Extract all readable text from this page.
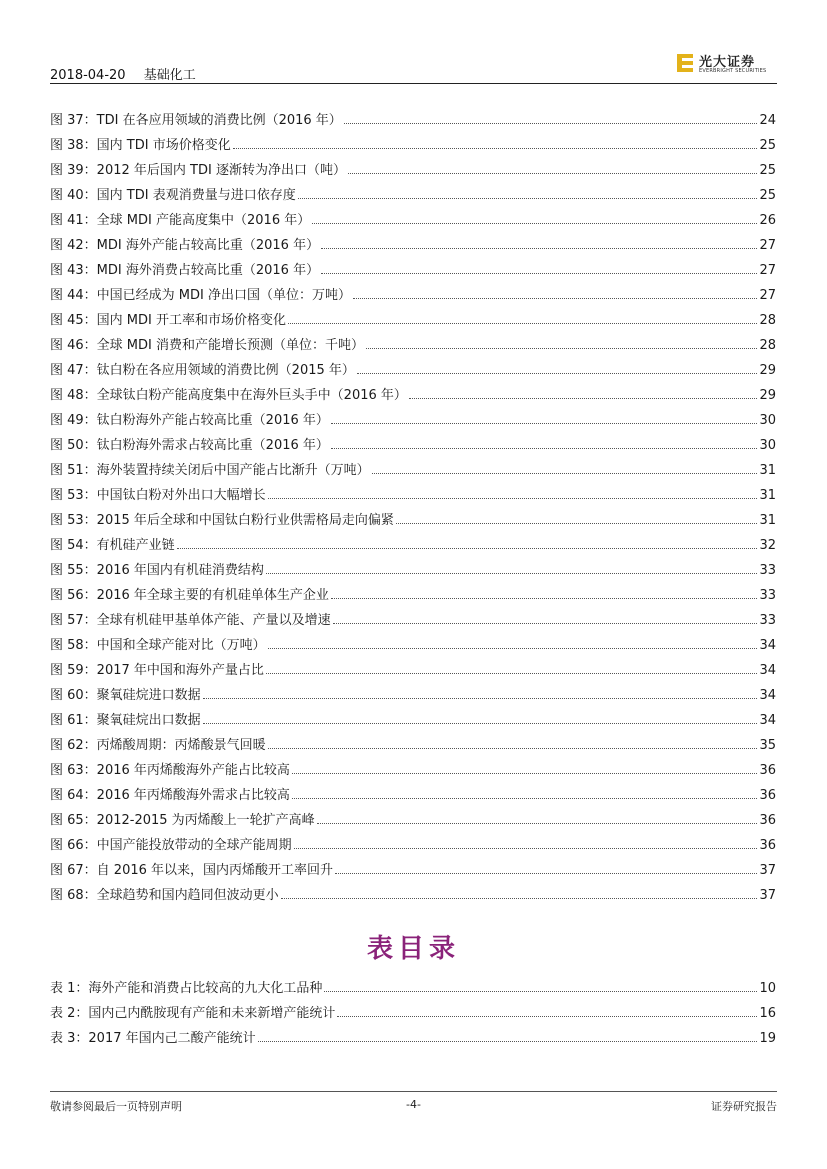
2018-04-20 基础化工
光大证券
EVERBRIGHT SECURITIES
图 37：TDI 在各应用领域的消费比例（2016 年）	24
图 38：国内 TDI 市场价格变化	25
图 39：2012 年后国内 TDI 逐渐转为净出口（吨）	25
图 40：国内 TDI 表观消费量与进口依存度	25
图 41：全球 MDI 产能高度集中（2016 年）	26
图 42：MDI 海外产能占较高比重（2016 年）	27
图 43：MDI 海外消费占较高比重（2016 年）	27
图 44：中国已经成为 MDI 净出口国（单位：万吨）	27
图 45：国内 MDI 开工率和市场价格变化	28
图 46：全球 MDI 消费和产能增长预测（单位：千吨）	28
图 47：钛白粉在各应用领域的消费比例（2015 年）	29
图 48：全球钛白粉产能高度集中在海外巨头手中（2016 年）	29
图 49：钛白粉海外产能占较高比重（2016 年）	30
图 50：钛白粉海外需求占较高比重（2016 年）	30
图 51：海外装置持续关闭后中国产能占比渐升（万吨）	31
图 53：中国钛白粉对外出口大幅增长	31
图 53：2015 年后全球和中国钛白粉行业供需格局走向偏紧	31
图 54：有机硅产业链	32
图 55：2016 年国内有机硅消费结构	33
图 56：2016 年全球主要的有机硅单体生产企业	33
图 57：全球有机硅甲基单体产能、产量以及增速	33
图 58：中国和全球产能对比（万吨）	34
图 59：2017 年中国和海外产量占比	34
图 60：聚氧硅烷进口数据	34
图 61：聚氧硅烷出口数据	34
图 62：丙烯酸周期：丙烯酸景气回暖	35
图 63：2016 年丙烯酸海外产能占比较高	36
图 64：2016 年丙烯酸海外需求占比较高	36
图 65：2012-2015 为丙烯酸上一轮扩产高峰	36
图 66：中国产能投放带动的全球产能周期	36
图 67：自 2016 年以来，国内丙烯酸开工率回升	37
图 68：全球趋势和国内趋同但波动更小	37
表目录
表 1：海外产能和消费占比较高的九大化工品种	10
表 2：国内己内酰胺现有产能和未来新增产能统计	16
表 3：2017 年国内己二酸产能统计	19
敬请参阅最后一页特别声明	-4-	证券研究报告
